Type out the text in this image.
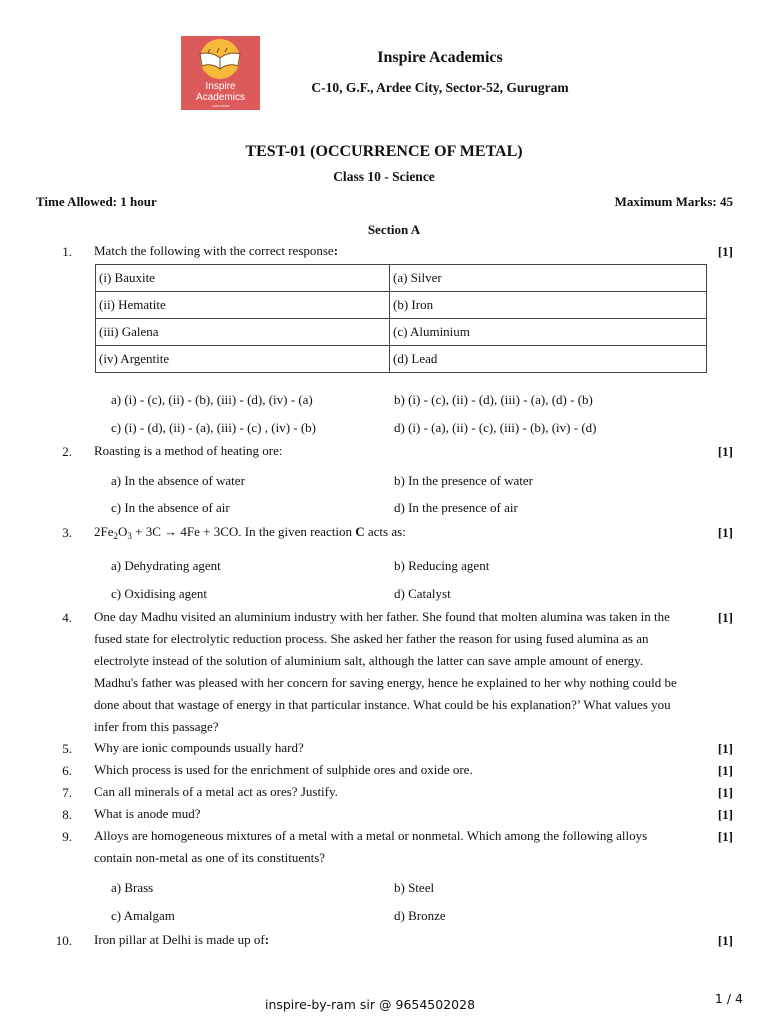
Inspire
Academics
GURUGRAM
Inspire Academics
C-10, G.F., Ardee City, Sector-52, Gurugram
TEST-01 (OCCURRENCE OF METAL)
Class 10 - Science
Time Allowed: 1 hour	Maximum Marks: 45
Section A
1. Match the following with the correct response:	[1]
(i) Bauxite	(a) Silver
(ii) Hematite	(b) Iron
(iii) Galena	(c) Aluminium
(iv) Argentite	(d) Lead
a) (i) - (c), (ii) - (b), (iii) - (d), (iv) - (a)	b) (i) - (c), (ii) - (d), (iii) - (a), (d) - (b)
c) (i) - (d), (ii) - (a), (iii) - (c) , (iv) - (b)	d) (i) - (a), (ii) - (c), (iii) - (b), (iv) - (d)
2. Roasting is a method of heating ore:	[1]
a) In the absence of water	b) In the presence of water
c) In the absence of air	d) In the presence of air
3. $2Fe_2O_3 + 3C \to 4Fe + 3CO$. In the given reaction C acts as:	[1]
a) Dehydrating agent	b) Reducing agent
c) Oxidising agent	d) Catalyst
4. One day Madhu visited an aluminium industry with her father. She found that molten alumina was taken in the
fused state for electrolytic reduction process. She asked her father the reason for using fused alumina as an
electrolyte instead of the solution of aluminium salt, although the latter can save ample amount of energy.
Madhu's father was pleased with her concern for saving energy, hence he explained to her why nothing could be
done about that wastage of energy in that particular instance. What could be his explanation?’ What values you
infer from this passage?
[1]
5. Why are ionic compounds usually hard?	[1]
6. Which process is used for the enrichment of sulphide ores and oxide ore.	[1]
7. Can all minerals of a metal act as ores? Justify.	[1]
8. What is anode mud?	[1]
9. Alloys are homogeneous mixtures of a metal with a metal or nonmetal. Which among the following alloys
contain non-metal as one of its constituents?
[1]
a) Brass	b) Steel
c) Amalgam	d) Bronze
10. Iron pillar at Delhi is made up of:	[1]
inspire-by-ram sir @ 9654502028	1 / 4
